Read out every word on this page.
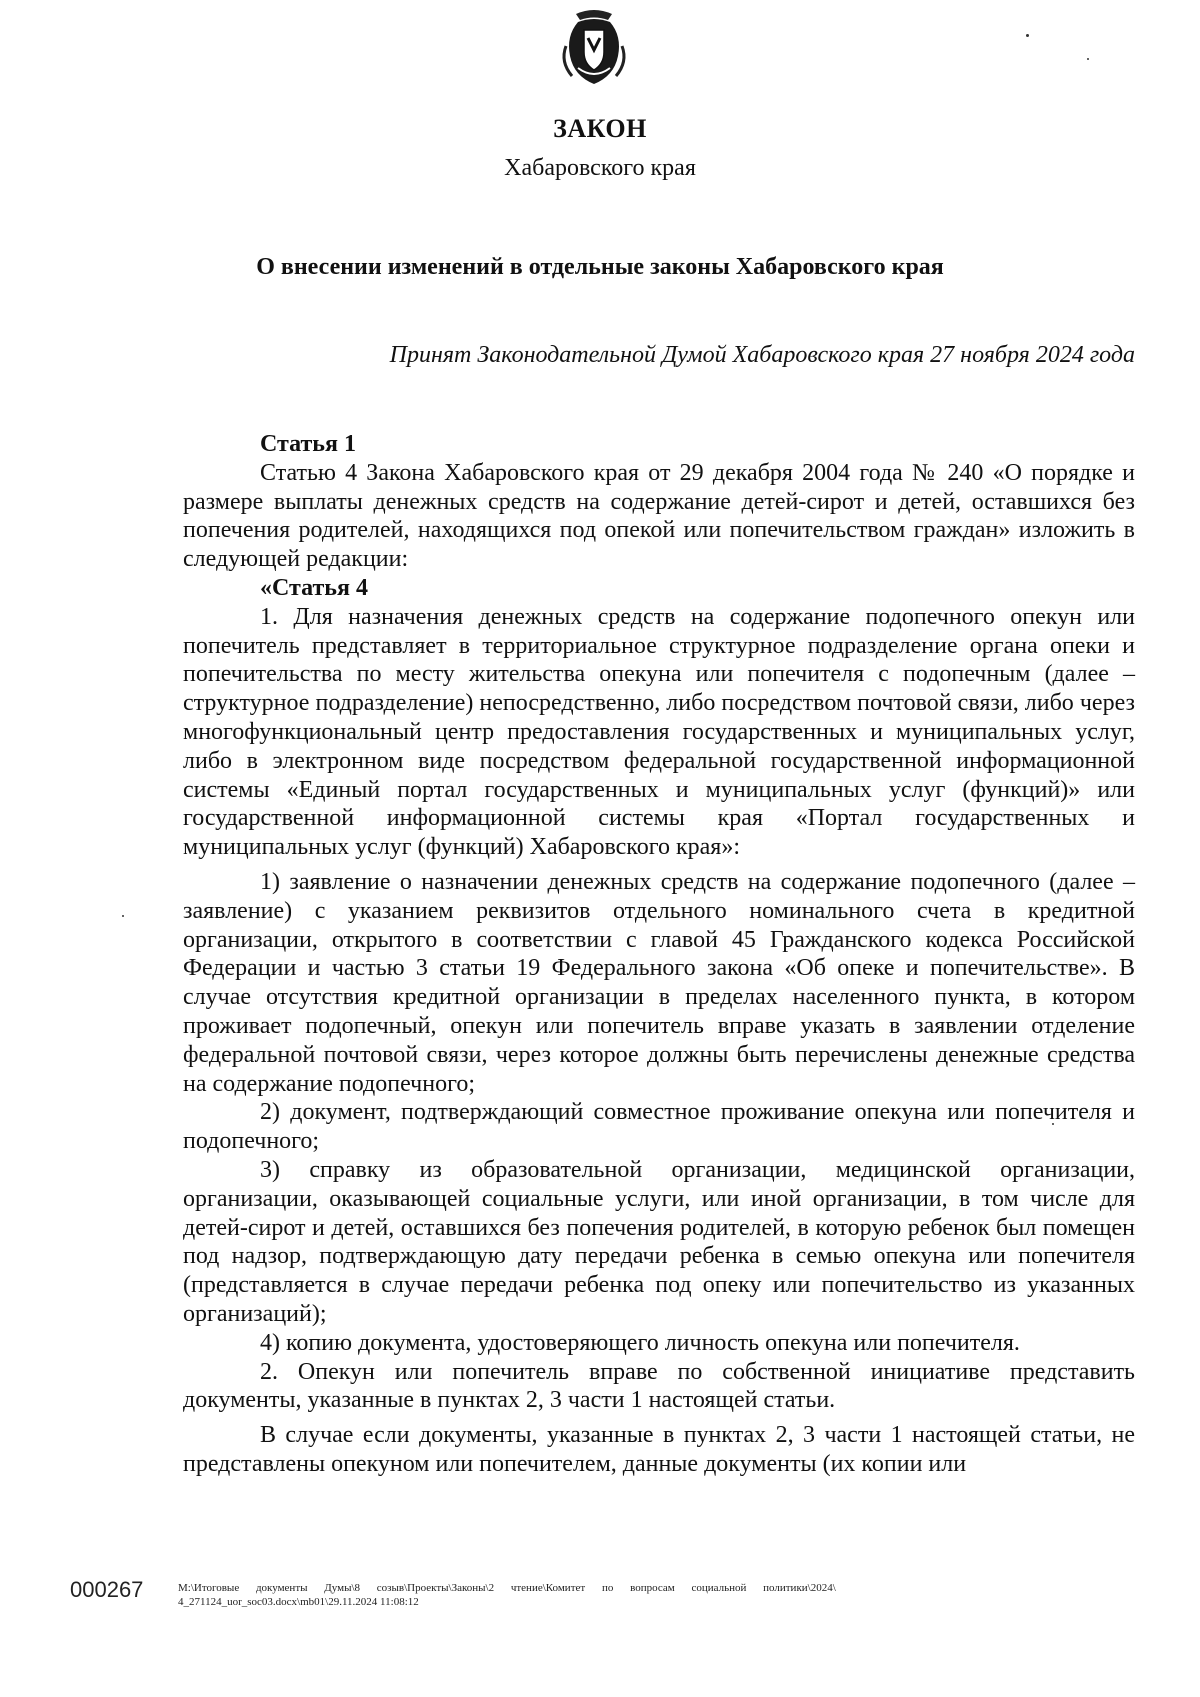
ЗАКОН
Хабаровского края
О внесении изменений в отдельные законы Хабаровского края
Принят Законодательной Думой Хабаровского края 27 ноября 2024 года
Статья 1

Статью 4 Закона Хабаровского края от 29 декабря 2004 года № 240 «О порядке и размере выплаты денежных средств на содержание детей-сирот и детей, оставшихся без попечения родителей, находящихся под опекой или попечительством граждан» изложить в следующей редакции:

«Статья 4

1. Для назначения денежных средств на содержание подопечного опекун или попечитель представляет в территориальное структурное подразделение органа опеки и попечительства по месту жительства опекуна или попечителя с подопечным (далее – структурное подразделение) непосредственно, либо посредством почтовой связи, либо через многофункциональный центр предоставления государственных и муниципальных услуг, либо в электронном виде посредством федеральной государственной информационной системы «Единый портал государственных и муниципальных услуг (функций)» или государственной информационной системы края «Портал государственных и муниципальных услуг (функций) Хабаровского края»:

1) заявление о назначении денежных средств на содержание подопечного (далее – заявление) с указанием реквизитов отдельного номинального счета в кредитной организации, открытого в соответствии с главой 45 Гражданского кодекса Российской Федерации и частью 3 статьи 19 Федерального закона «Об опеке и попечительстве». В случае отсутствия кредитной организации в пределах населенного пункта, в котором проживает подопечный, опекун или попечитель вправе указать в заявлении отделение федеральной почтовой связи, через которое должны быть перечислены денежные средства на содержание подопечного;

2) документ, подтверждающий совместное проживание опекуна или попечителя и подопечного;

3) справку из образовательной организации, медицинской организации, организации, оказывающей социальные услуги, или иной организации, в том числе для детей-сирот и детей, оставшихся без попечения родителей, в которую ребенок был помещен под надзор, подтверждающую дату передачи ребенка в семью опекуна или попечителя (представляется в случае передачи ребенка под опеку или попечительство из указанных организаций);

4) копию документа, удостоверяющего личность опекуна или попечителя.

2. Опекун или попечитель вправе по собственной инициативе представить документы, указанные в пунктах 2, 3 части 1 настоящей статьи.

В случае если документы, указанные в пунктах 2, 3 части 1 настоящей статьи, не представлены опекуном или попечителем, данные документы (их копии или

000267	M:\Итоговые документы Думы\8 созыв\Проекты\Законы\2 чтение\Комитет по вопросам социальной политики\2024\
4_271124_uor_soc03.docx\mb01\29.11.2024 11:08:12
